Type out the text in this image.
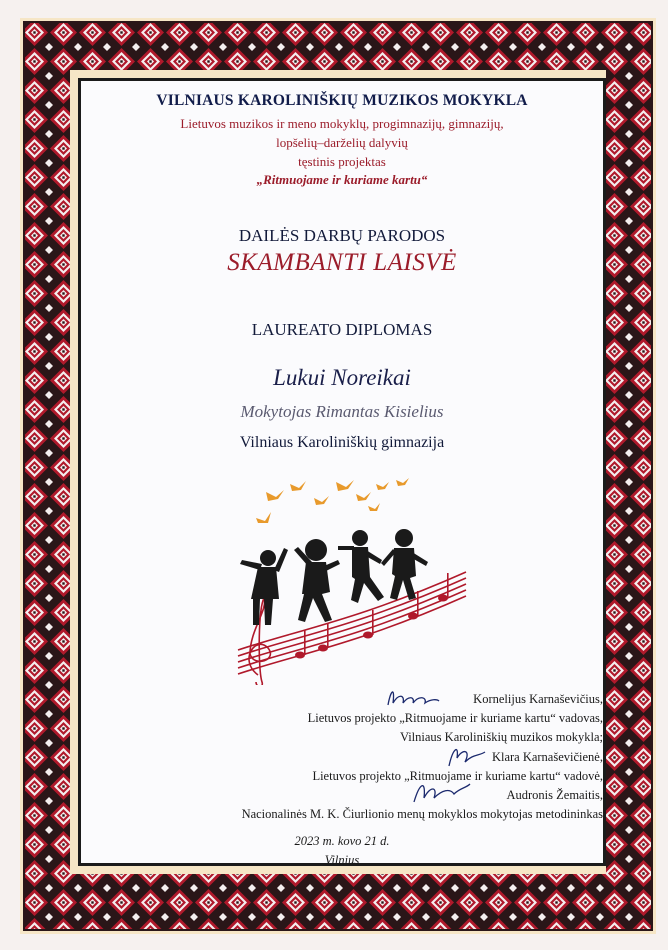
VILNIAUS KAROLINIŠKIŲ MUZIKOS MOKYKLA

Lietuvos muzikos ir meno mokyklų, progimnazijų, gimnazijų,

lopšelių–darželių dalyvių

tęstinis projektas

„Ritmuojame ir kuriame kartu“

DAILĖS DARBŲ PARODOS

SKAMBANTI LAISVĖ

LAUREATO DIPLOMAS

Lukui Noreikai

Mokytojas Rimantas Kisielius

Vilniaus Karoliniškių gimnazija

Kornelijus Karnaševičius,

Lietuvos projekto „Ritmuojame ir kuriame kartu“ vadovas,

Vilniaus Karoliniškių muzikos mokykla;

Klara Karnaševičienė,

Lietuvos projekto „Ritmuojame ir kuriame kartu“ vadovė,

Audronis Žemaitis,

Nacionalinės M. K. Čiurlionio menų mokyklos mokytojas metodininkas

2023 m. kovo 21 d.

Vilnius
